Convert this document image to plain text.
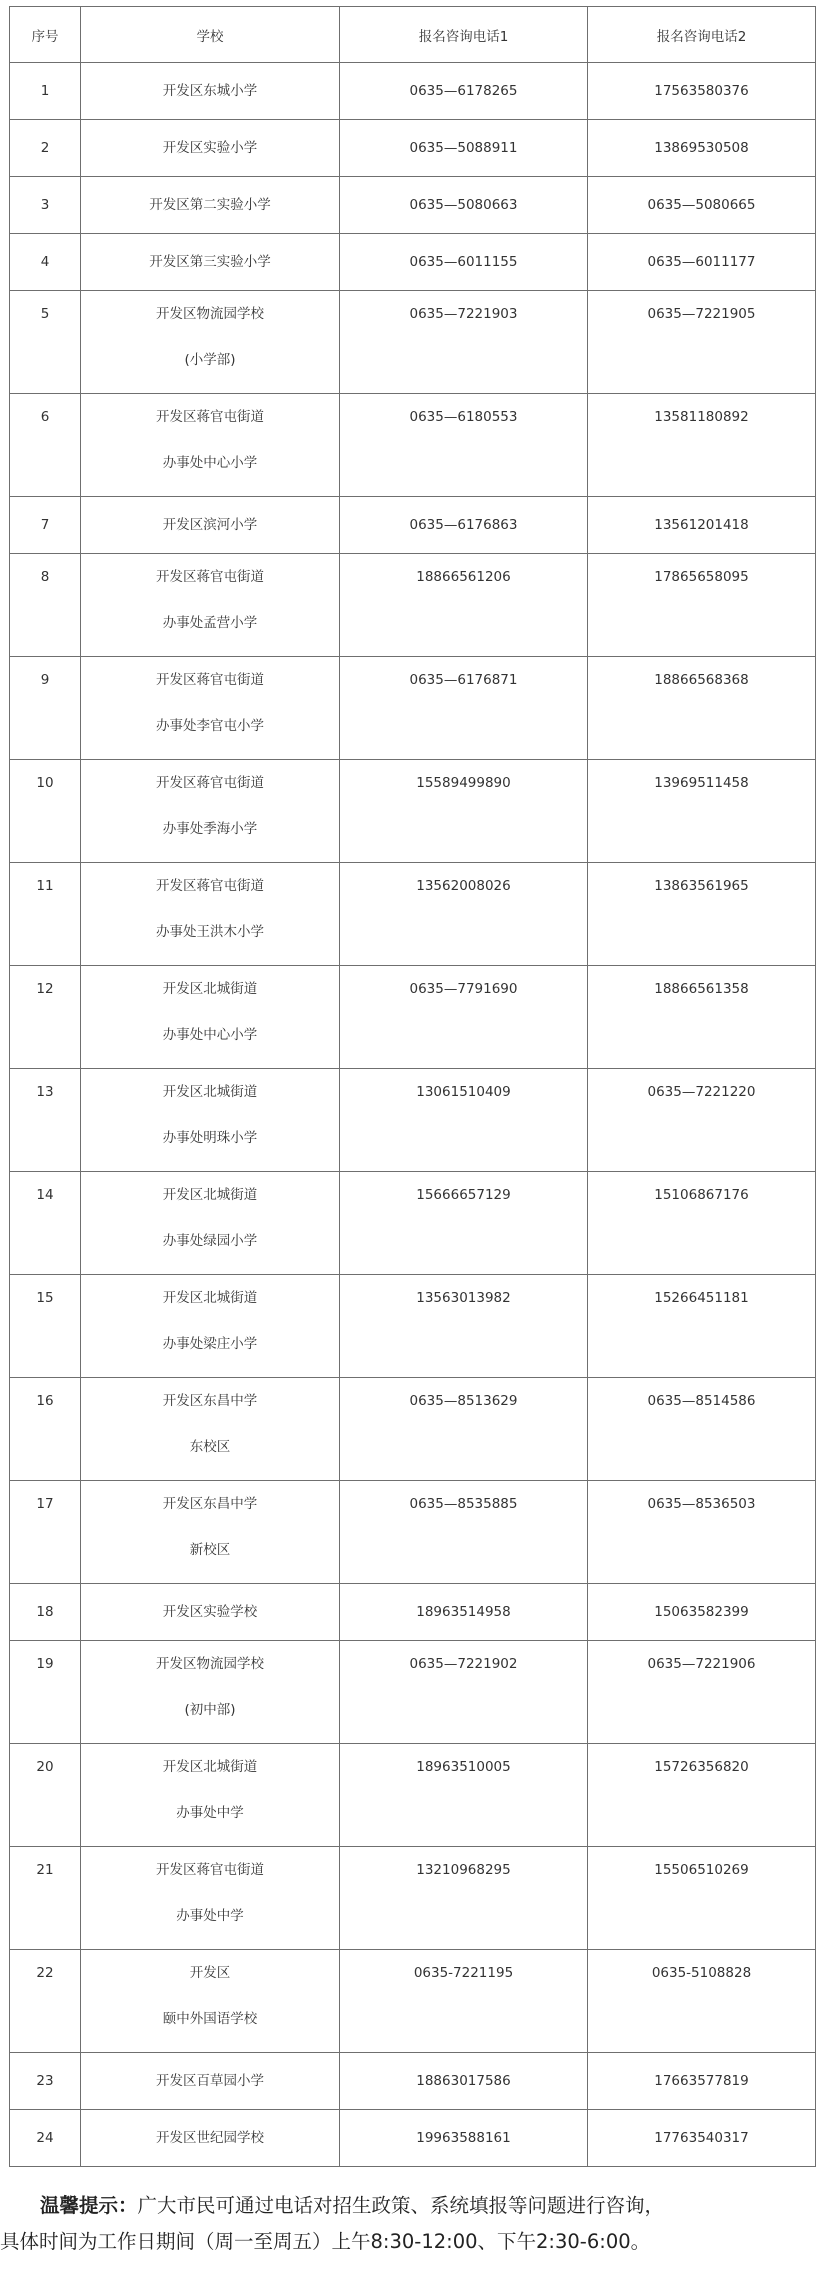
序号	学校	报名咨询电话1	报名咨询电话2

1	开发区东城小学	0635—6178265	17563580376

2	开发区实验小学	0635—5088911	13869530508

3	开发区第二实验小学	0635—5080663	0635—5080665

4	开发区第三实验小学	0635—6011155	0635—6011177

5	开发区物流园学校
(小学部)	0635—7221903	0635—7221905

6	开发区蒋官屯街道
办事处中心小学	0635—6180553	13581180892

7	开发区滨河小学	0635—6176863	13561201418

8	开发区蒋官屯街道
办事处孟营小学	18866561206	17865658095

9	开发区蒋官屯街道
办事处李官屯小学	0635—6176871	18866568368

10	开发区蒋官屯街道
办事处季海小学	15589499890	13969511458

11	开发区蒋官屯街道
办事处王洪木小学	13562008026	13863561965

12	开发区北城街道
办事处中心小学	0635—7791690	18866561358

13	开发区北城街道
办事处明珠小学	13061510409	0635—7221220

14	开发区北城街道
办事处绿园小学	15666657129	15106867176

15	开发区北城街道
办事处梁庄小学	13563013982	15266451181

16	开发区东昌中学
东校区	0635—8513629	0635—8514586

17	开发区东昌中学
新校区	0635—8535885	0635—8536503

18	开发区实验学校	18963514958	15063582399

19	开发区物流园学校
(初中部)	0635—7221902	0635—7221906

20	开发区北城街道
办事处中学	18963510005	15726356820

21	开发区蒋官屯街道
办事处中学	13210968295	15506510269

22	开发区
颐中外国语学校	0635-7221195	0635-5108828

23	开发区百草园小学	18863017586	17663577819

24	开发区世纪园学校	19963588161	17763540317
温馨提示：广大市民可通过电话对招生政策、系统填报等问题进行咨询，
具体时间为工作日期间（周一至周五）上午8:30-12:00、下午2:30-6:00。
